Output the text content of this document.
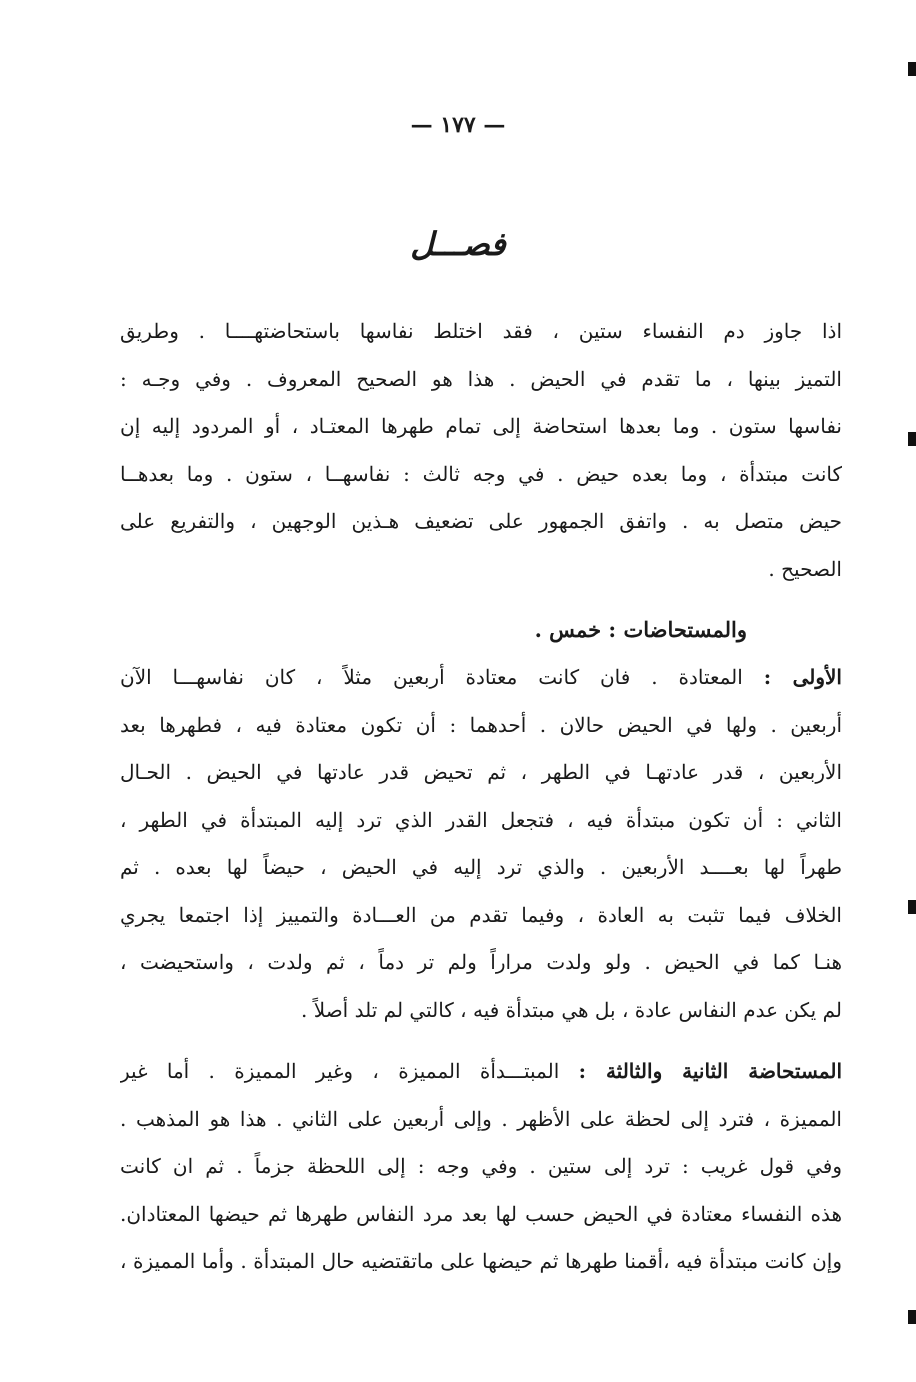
— ١٧٧ —
فصـــل
اذا جاوز دم النفساء ستين ، فقد اختلط نفاسها باستحاضتهــــا . وطريق
التميز بينها ، ما تقدم في الحيض . هذا هو الصحيح المعروف . وفي وجـه :
نفاسها ستون . وما بعدها استحاضة إلى تمام طهرها المعتـاد ، أو المردود إليه إن
كانت مبتدأة ، وما بعده حيض . في وجه ثالث : نفاسهــا ، ستون . وما بعدهــا
حيض متصل به . واتفق الجمهور على تضعيف هـذين الوجهين ، والتفريع على
الصحيح .
والمستحاضات : خمس .
الأولى : المعتادة . فان كانت معتادة أربعين مثلاً ، كان نفاسهـــا الآن
أربعين . ولها في الحيض حالان . أحدهما : أن تكون معتادة فيه ، فطهرها بعد
الأربعين ، قدر عادتهـا في الطهر ، ثم تحيض قدر عادتها في الحيض . الحـال
الثاني : أن تكون مبتدأة فيه ، فتجعل القدر الذي ترد إليه المبتدأة في الطهر ،
طهراً لها بعــــد الأربعين . والذي ترد إليه في الحيض ، حيضاً لها بعده . ثم
الخلاف فيما تثبت به العادة ، وفيما تقدم من العـــادة والتمييز إذا اجتمعا يجري
هنـا كما في الحيض . ولو ولدت مراراً ولم تر دماً ، ثم ولدت ، واستحيضت ،
لم يكن عدم النفاس عادة ، بل هي مبتدأة فيه ، كالتي لم تلد أصلاً .
المستحاضة الثانية والثالثة : المبتـــدأة المميزة ، وغير المميزة . أما غير
المميزة ، فترد إلى لحظة على الأظهر . وإلى أربعين على الثاني . هذا هو المذهب .
وفي قول غريب : ترد إلى ستين . وفي وجه : إلى اللحظة جزماً . ثم ان كانت
هذه النفساء معتادة في الحيض حسب لها بعد مرد النفاس طهرها ثم حيضها المعتادان.
وإن كانت مبتدأة فيه ،أقمنا طهرها ثم حيضها على ماتقتضيه حال المبتدأة . وأما المميزة ،
